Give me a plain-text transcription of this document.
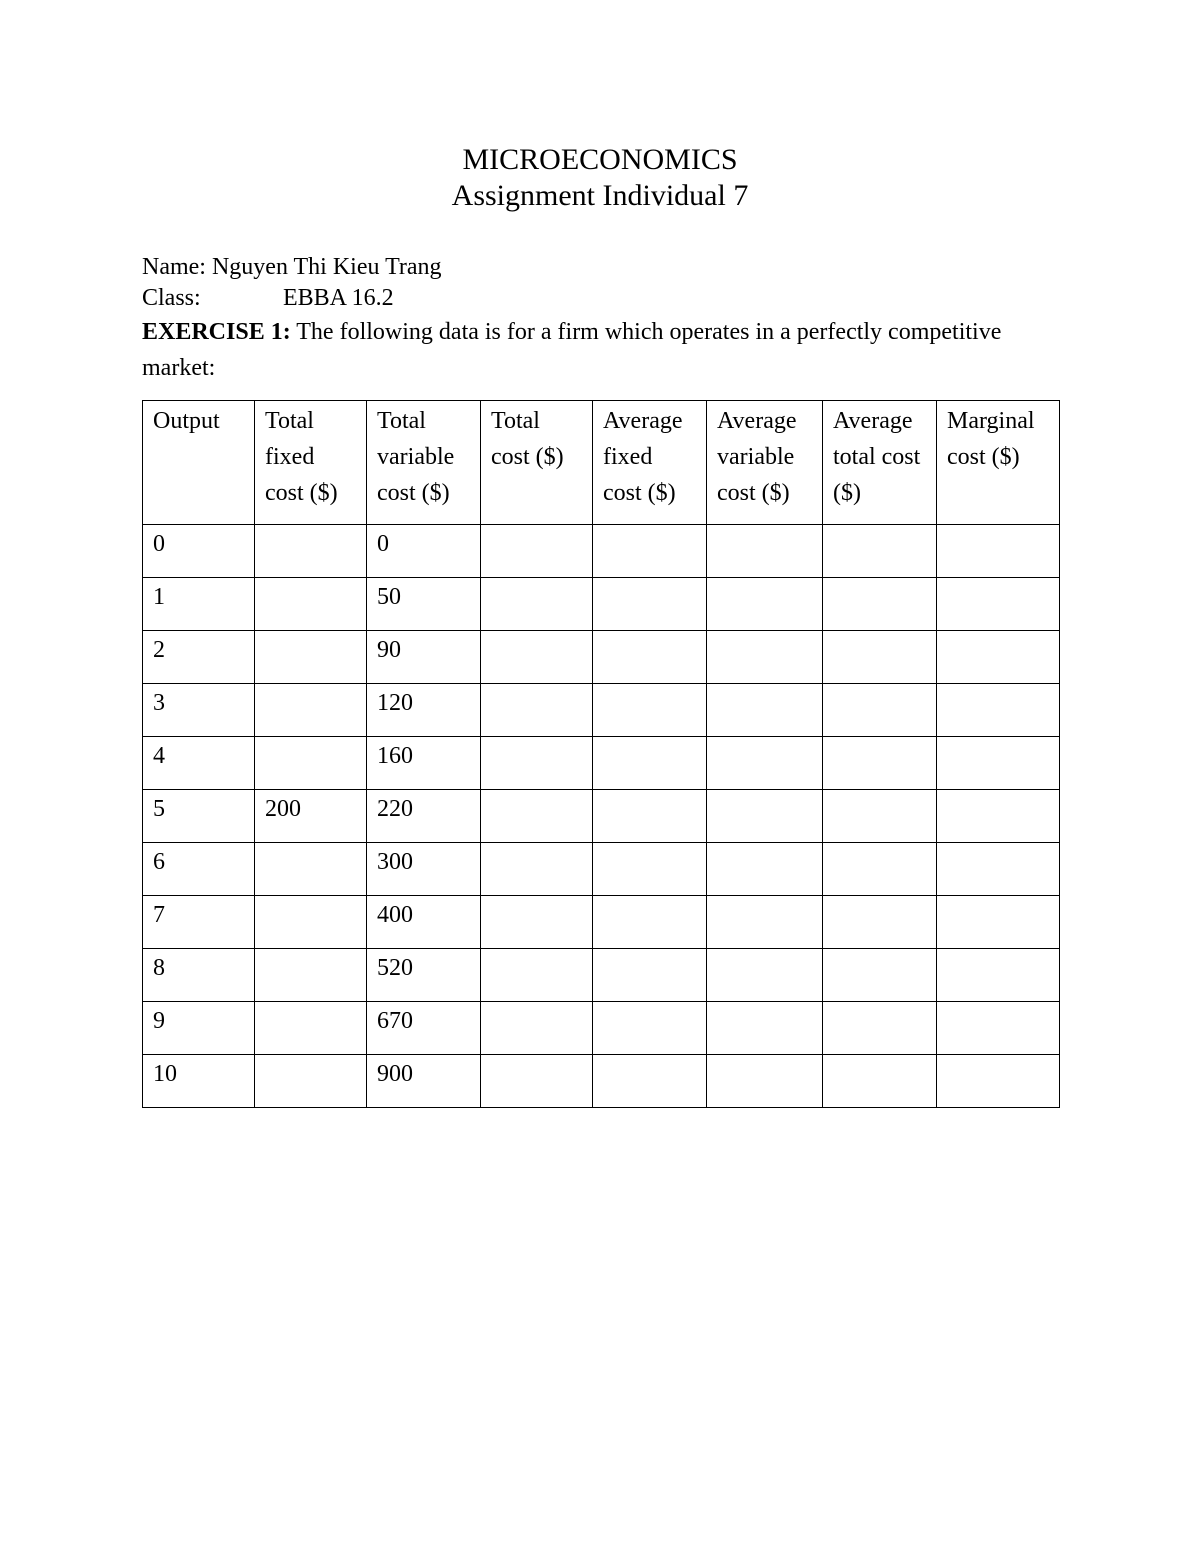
MICROECONOMICS
Assignment Individual 7
Name: Nguyen Thi Kieu Trang
Class:	EBBA 16.2
EXERCISE 1: The following data is for a firm which operates in a perfectly competitive market:
Output	Total fixed cost ($)	Total variable cost ($)	Total cost ($)	Average fixed cost ($)	Average variable cost ($)	Average total cost ($)	Marginal cost ($)
0		0					
1		50					
2		90					
3		120					
4		160					
5	200	220					
6		300					
7		400					
8		520					
9		670					
10		900					
